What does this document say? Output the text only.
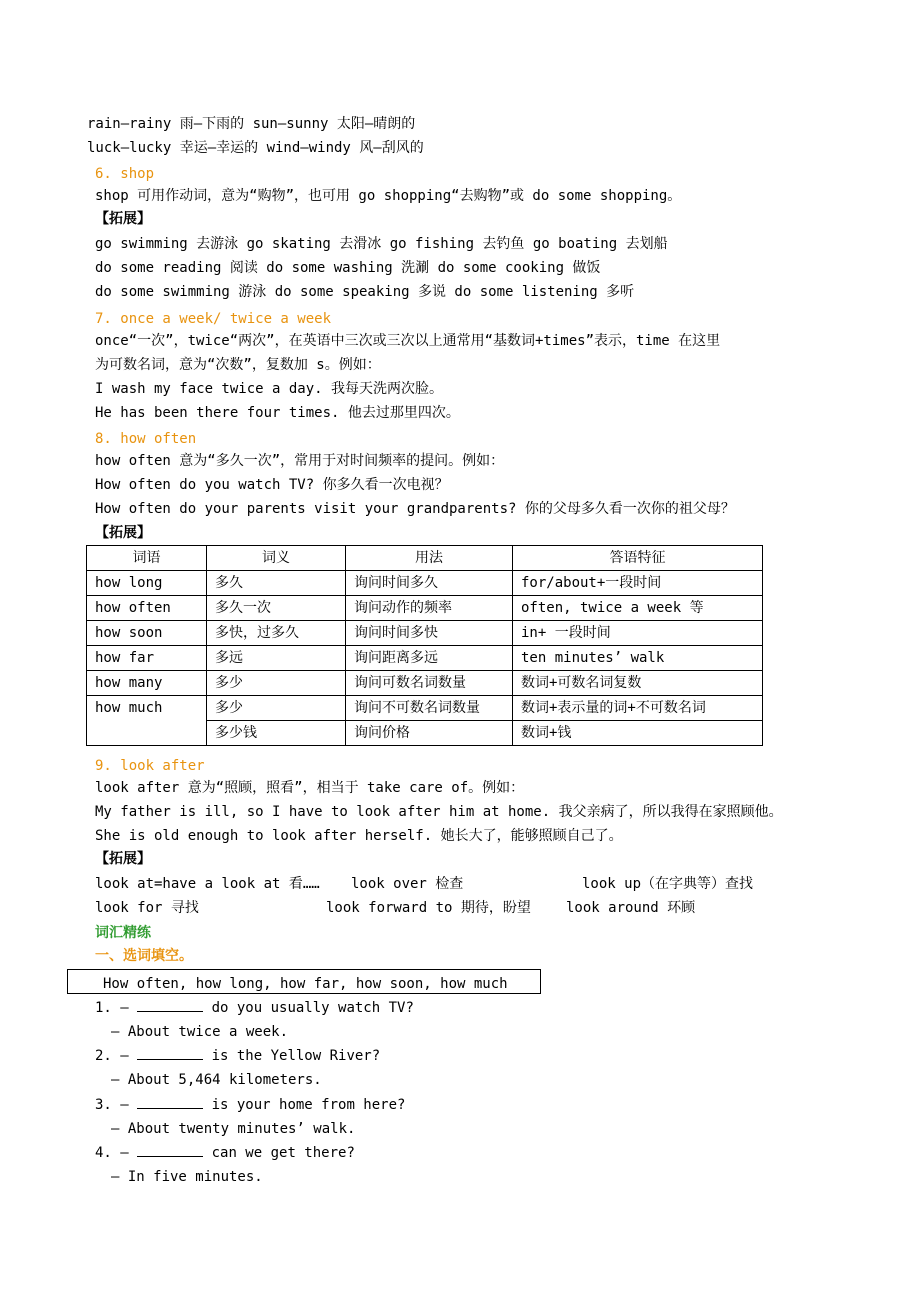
rain—rainy 雨—下雨的 sun—sunny 太阳—晴朗的
luck—lucky 幸运—幸运的 wind—windy 风—刮风的
6. shop
shop 可用作动词，意为“购物”，也可用 go shopping“去购物”或 do some shopping。
【拓展】
go swimming 去游泳 go skating 去滑冰 go fishing 去钓鱼 go boating 去划船
do some reading 阅读 do some washing 洗涮 do some cooking 做饭
do some swimming 游泳 do some speaking 多说 do some listening 多听
7. once a week/ twice a week
once“一次”，twice“两次”，在英语中三次或三次以上通常用“基数词+times”表示，time 在这里
为可数名词，意为“次数”，复数加 s。例如：
I wash my face twice a day. 我每天洗两次脸。
He has been there four times. 他去过那里四次。
8. how often
how often 意为“多久一次”，常用于对时间频率的提问。例如：
How often do you watch TV? 你多久看一次电视？
How often do your parents visit your grandparents? 你的父母多久看一次你的祖父母？
【拓展】
词语	词义	用法	答语特征
how long	多久	询问时间多久	for/about+一段时间
how often	多久一次	询问动作的频率	often, twice a week 等
how soon	多快，过多久	询问时间多快	in+ 一段时间
how far	多远	询问距离多远	ten minutes’ walk
how many	多少	询问可数名词数量	数词+可数名词复数
how much	多少	询问不可数名词数量	数词+表示量的词+不可数名词
	多少钱	询问价格	数词+钱
9. look after
look after 意为“照顾，照看”，相当于 take care of。例如：
My father is ill, so I have to look after him at home. 我父亲病了，所以我得在家照顾他。
She is old enough to look after herself. 她长大了，能够照顾自己了。
【拓展】
look at=have a look at 看…… look over 检查	look up（在字典等）查找
look for 寻找	look forward to 期待，盼望	look around 环顾
词汇精练
一、选词填空。
How often, how long, how far, how soon, how much
1. —	do you usually watch TV?
— About twice a week.
2. —	is the Yellow River?
— About 5,464 kilometers.
3. —	is your home from here?
— About twenty minutes’ walk.
4. —	can we get there?
— In five minutes.
